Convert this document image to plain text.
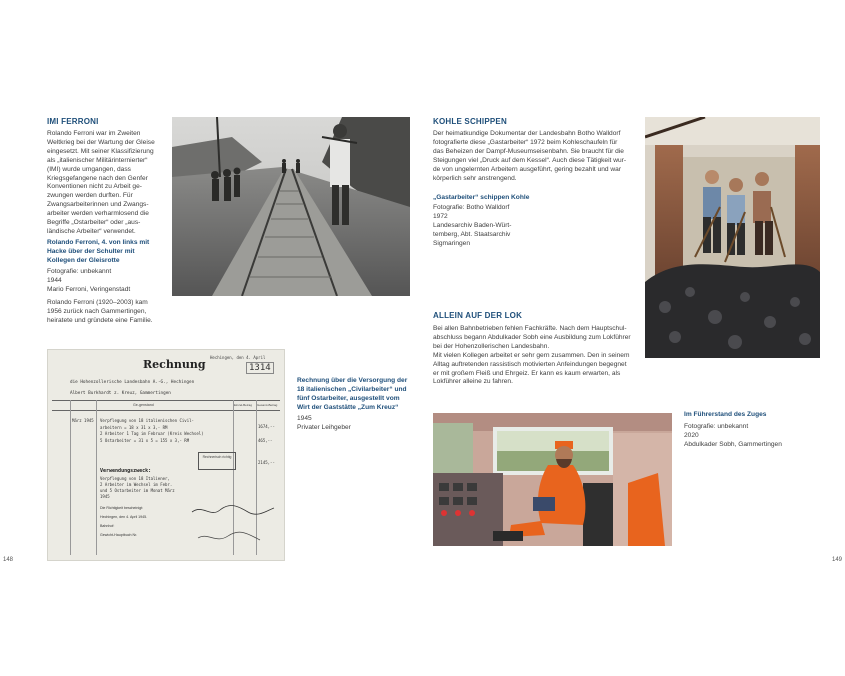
IMI FERRONI
Rolando Ferroni war im Zweiten
Weltkrieg bei der Wartung der Gleise
eingesetzt. Mit seiner Klassifizierung
als „italienischer Militärinternierter“
(IMI) wurde umgangen, dass
Kriegsgefangene nach den Genfer
Konventionen nicht zu Arbeit ge-
zwungen werden durften. Für
Zwangsarbeiterinnen und Zwangs-
arbeiter werden verharmlosend die
Begriffe „Ostarbeiter“ oder „aus-
ländische Arbeiter“ verwendet.
Rolando Ferroni, 4. von links mit
Hacke über der Schulter mit
Kollegen der Gleisrotte
Fotografie: unbekannt
1944
Mario Ferroni, Veringenstadt
Rolando Ferroni (1920–2003) kam
1956 zurück nach Gammertingen,
heiratete und gründete eine Familie.
Rechnung
Hechingen, den 4. April
1314
die Hohenzollerische Landesbahn A.-G., Hechingen
Albert Burkhardt z. Kreuz, Gammertingen
Ge-genstand	Einzel-Betrag Gesamt-Betrag
März 1945 Verpflegung von 18 italienischen Civil-
arbeitern = 18 x 31 x 3,- RM
2 Arbeiter 1 Tag im Februar (Kreis Wechsel)
5 Ostarbeiter = 31 x 5 = 155 x 3,- RM
1674,--
465,--
2145,--
Rechnerisch richtig
Verwendungszweck:
Verpflegung von 18 Italiener,
2 Arbeiter im Wechsel im Febr.
und 5 Ostarbeiter im Monat März
1945
Die Richtigkeit bescheinigt:
Hechingen, den 4. April 1945.
Bahnhof:
Gewicht-Hauptbuch Nr.
Rechnung über die Versorgung der
18 italienischen „Civilarbeiter“ und
fünf Ostarbeiter, ausgestellt vom
Wirt der Gaststätte „Zum Kreuz“
1945
Privater Leihgeber
148
KOHLE SCHIPPEN
Der heimatkundige Dokumentar der Landesbahn Botho Walldorf
fotografierte diese „Gastarbeiter“ 1972 beim Kohleschaufeln für
das Beheizen der Dampf-Museumseisenbahn. Sie braucht für die
Steigungen viel „Druck auf dem Kessel“. Auch diese Tätigkeit wur-
de von ungelernten Arbeitern ausgeführt, gering bezahlt und war
körperlich sehr anstrengend.
„Gastarbeiter“ schippen Kohle
Fotografie: Botho Walldorf
1972
Landesarchiv Baden-Würt-
temberg, Abt. Staatsarchiv
Sigmaringen
ALLEIN AUF DER LOK
Bei allen Bahnbetrieben fehlen Fachkräfte. Nach dem Hauptschul-
abschluss begann Abdulkader Sobh eine Ausbildung zum Lokführer
bei der Hohenzollerischen Landesbahn.
Mit vielen Kollegen arbeitet er sehr gern zusammen. Den in seinem
Alltag auftretenden rassistisch motivierten Anfeindungen begegnet
er mit großem Fleiß und Ehrgeiz. Er kann es kaum erwarten, als
Lokführer alleine zu fahren.
Im Führerstand des Zuges
Fotografie: unbekannt
2020
Abdulkader Sobh, Gammertingen
149
